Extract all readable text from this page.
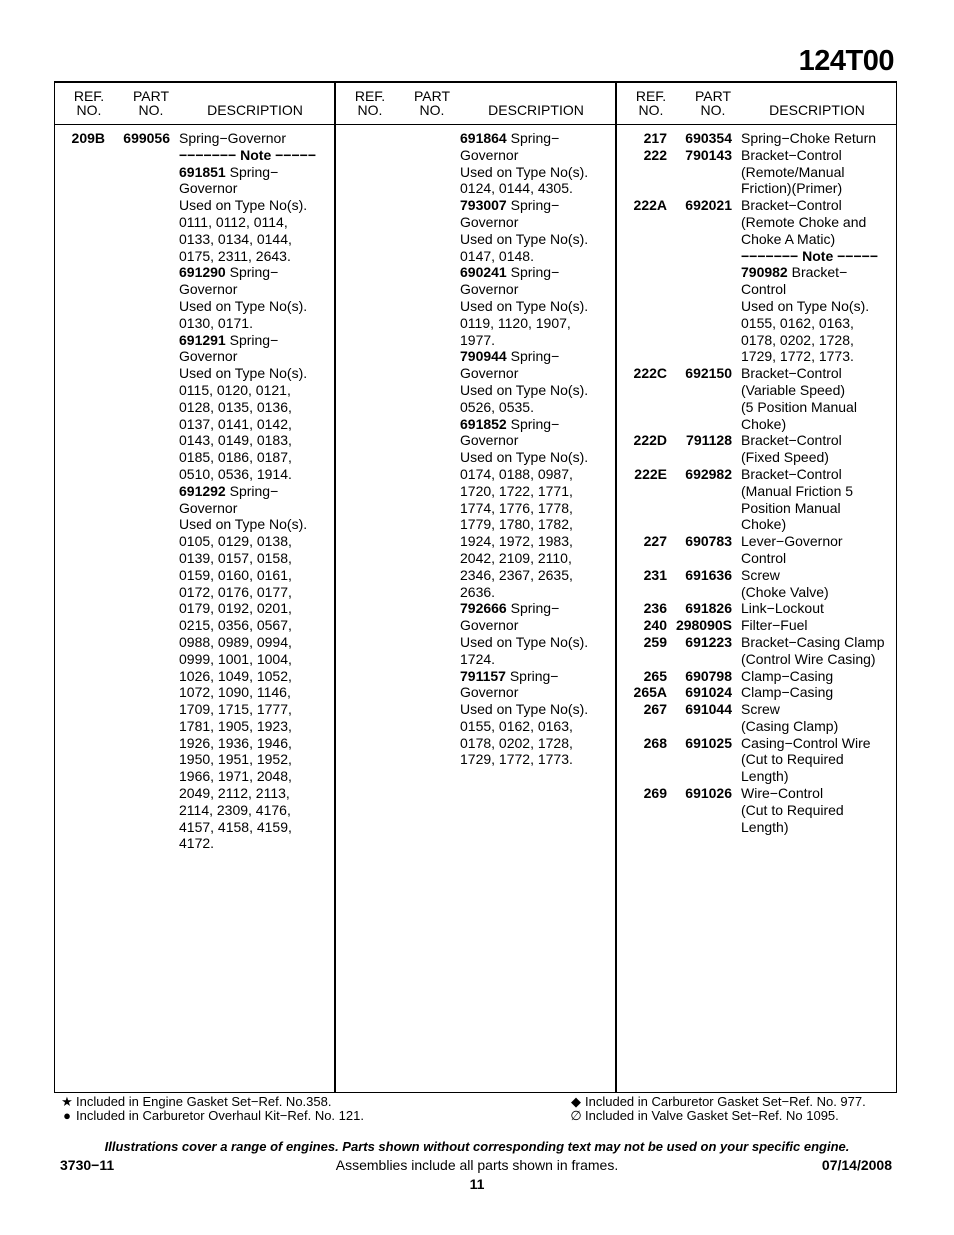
124T00
REF.
NO.
PART
NO.	DESCRIPTION
209B	699056 Spring−Governor
−−−−−−− Note −−−−−
691851 Spring−
Governor
Used on Type No(s).
0111, 0112, 0114,
0133, 0134, 0144,
0175, 2311, 2643.
691290 Spring−
Governor
Used on Type No(s).
0130, 0171.
691291 Spring−
Governor
Used on Type No(s).
0115, 0120, 0121,
0128, 0135, 0136,
0137, 0141, 0142,
0143, 0149, 0183,
0185, 0186, 0187,
0510, 0536, 1914.
691292 Spring−
Governor
Used on Type No(s).
0105, 0129, 0138,
0139, 0157, 0158,
0159, 0160, 0161,
0172, 0176, 0177,
0179, 0192, 0201,
0215, 0356, 0567,
0988, 0989, 0994,
0999, 1001, 1004,
1026, 1049, 1052,
1072, 1090, 1146,
1709, 1715, 1777,
1781, 1905, 1923,
1926, 1936, 1946,
1950, 1951, 1952,
1966, 1971, 2048,
2049, 2112, 2113,
2114, 2309, 4176,
4157, 4158, 4159,
4172.
REF.
NO.
PART
NO.	DESCRIPTION
691864 Spring−
Governor
Used on Type No(s).
0124, 0144, 4305.
793007 Spring−
Governor
Used on Type No(s).
0147, 0148.
690241 Spring−
Governor
Used on Type No(s).
0119, 1120, 1907,
1977.
790944 Spring−
Governor
Used on Type No(s).
0526, 0535.
691852 Spring−
Governor
Used on Type No(s).
0174, 0188, 0987,
1720, 1722, 1771,
1774, 1776, 1778,
1779, 1780, 1782,
1924, 1972, 1983,
2042, 2109, 2110,
2346, 2367, 2635,
2636.
792666 Spring−
Governor
Used on Type No(s).
1724.
791157 Spring−
Governor
Used on Type No(s).
0155, 0162, 0163,
0178, 0202, 1728,
1729, 1772, 1773.
REF.
NO.
PART
NO.	DESCRIPTION
217	690354 Spring−Choke Return
222	790143 Bracket−Control
(Remote/Manual
Friction)(Primer)
222A	692021 Bracket−Control
(Remote Choke and
Choke A Matic)
−−−−−−− Note −−−−−
790982 Bracket−
Control
Used on Type No(s).
0155, 0162, 0163,
0178, 0202, 1728,
1729, 1772, 1773.
222C	692150 Bracket−Control
(Variable Speed)
(5 Position Manual
Choke)
222D	791128 Bracket−Control
(Fixed Speed)
222E	692982 Bracket−Control
(Manual Friction 5
Position Manual
Choke)
227	690783 Lever−Governor
Control
231	691636 Screw
(Choke Valve)
236	691826 Link−Lockout
240 298090S Filter−Fuel
259	691223 Bracket−Casing Clamp
(Control Wire Casing)
265	690798 Clamp−Casing
265A	691024 Clamp−Casing
267	691044 Screw
(Casing Clamp)
268	691025 Casing−Control Wire
(Cut to Required
Length)
269	691026 Wire−Control
(Cut to Required
Length)
★ Included in Engine Gasket Set−Ref. No.358.
● Included in Carburetor Overhaul Kit−Ref. No. 121.
◆ Included in Carburetor Gasket Set−Ref. No. 977.
∅ Included in Valve Gasket Set−Ref. No 1095.
Illustrations cover a range of engines. Parts shown without corresponding text may not be used on your specific engine.
3730−11	Assemblies include all parts shown in frames.	07/14/2008
11
